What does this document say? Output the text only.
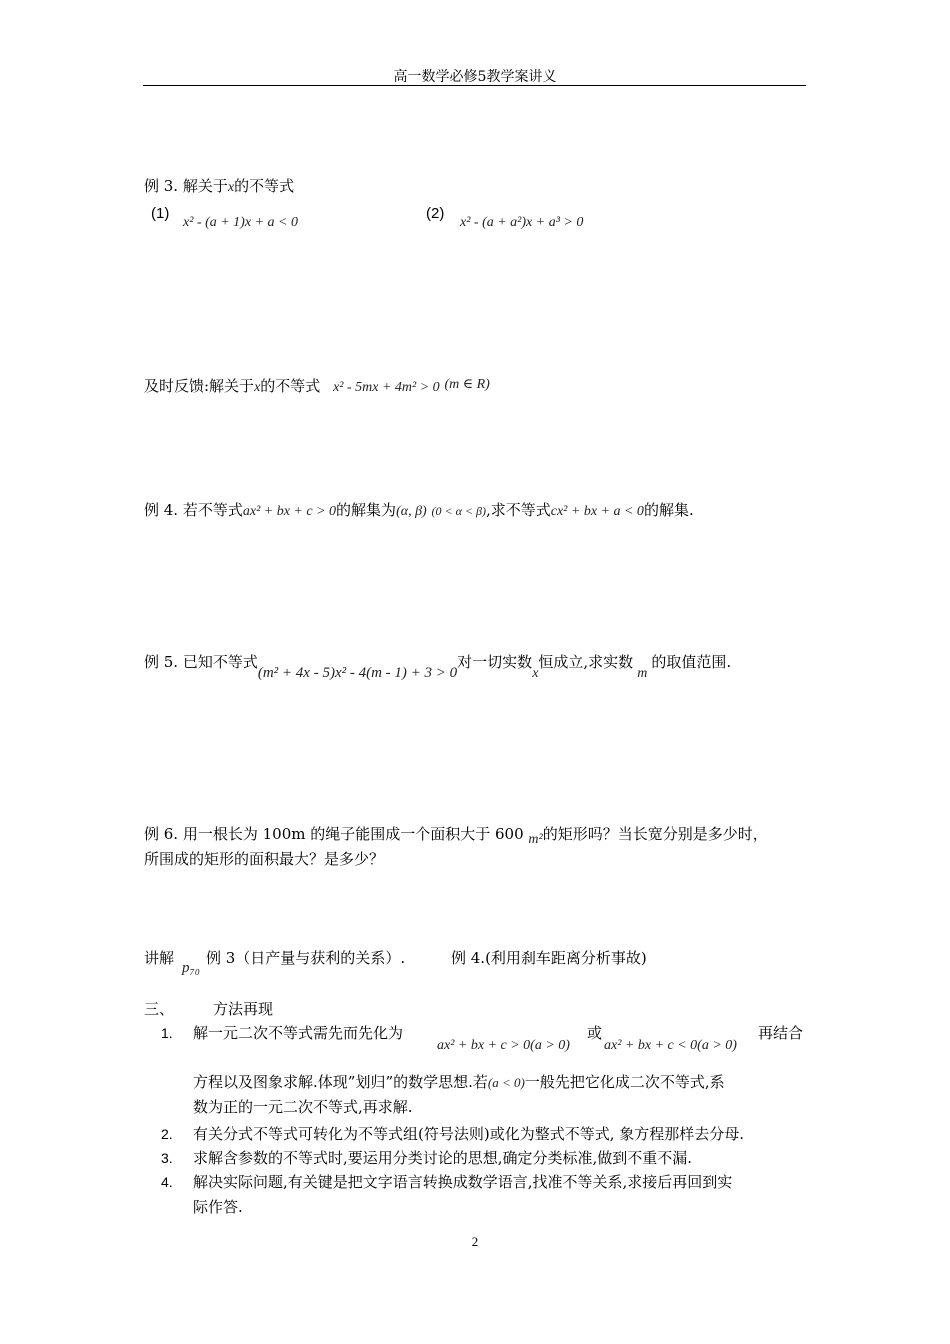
高一数学必修5教学案讲义
例 3. 解关于x的不等式
(1)
x² - (a + 1)x + a < 0
(2)
x² - (a + a²)x + a³ > 0
及时反馈:解关于x的不等式 x² - 5mx + 4m² > 0 (m ∈ R)
例 4. 若不等式ax² + bx + c > 0的解集为(α, β) (0 < α < β),求不等式cx² + bx + a < 0的解集.
例 5. 已知不等式(m² + 4x - 5)x² - 4(m - 1) + 3 > 0对一切实数x恒成立,求实数m的取值范围.
例 6. 用一根长为 100m 的绳子能围成一个面积大于 600 m²的矩形吗？当长宽分别是多少时，
所围成的矩形的面积最大？是多少？
讲解
p₇₀
例 3（日产量与获利的关系）.	例 4.(利用刹车距离分析事故)
三、	方法再现
1. 解一元二次不等式需先而先化为
ax² + bx + c > 0(a > 0)
或
ax² + bx + c < 0(a > 0)
再结合
方程以及图象求解.体现”划归”的数学思想.若(a < 0)一般先把它化成二次不等式,系
数为正的一元二次不等式,再求解.
2. 有关分式不等式可转化为不等式组(符号法则)或化为整式不等式, 象方程那样去分母.
3. 求解含参数的不等式时,要运用分类讨论的思想,确定分类标准,做到不重不漏.
4. 解决实际问题,有关键是把文字语言转换成数学语言,找准不等关系,求接后再回到实
际作答.
2
